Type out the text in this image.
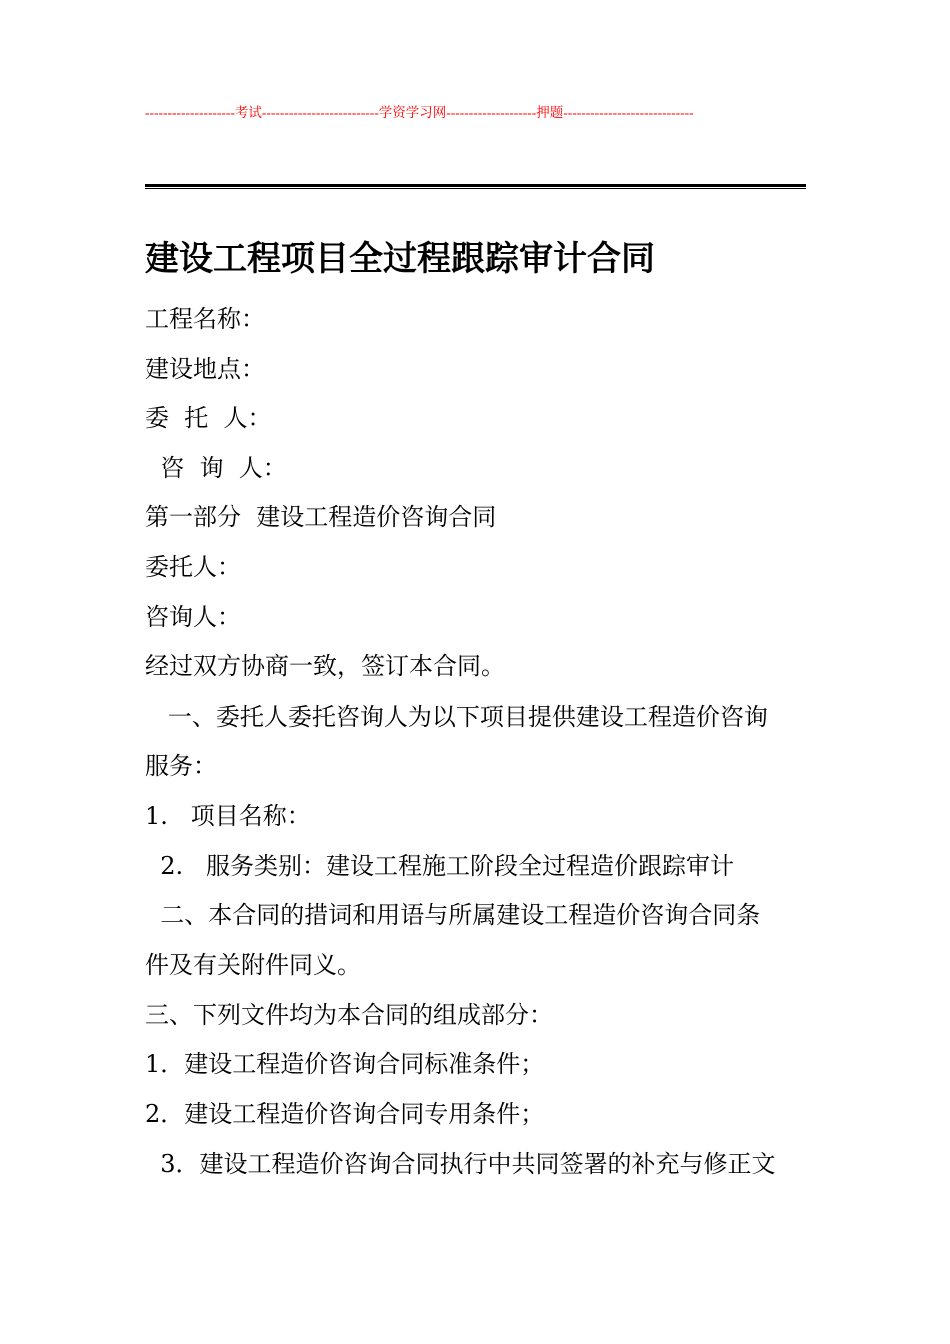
--------------------考试--------------------------学资学习网--------------------押题-----------------------------
建设工程项目全过程跟踪审计合同
工程名称：
建设地点：
委  托  人：
咨  询  人：
第一部分  建设工程造价咨询合同
委托人：
咨询人：
经过双方协商一致，签订本合同。
一、委托人委托咨询人为以下项目提供建设工程造价咨询
服务：
1.   项目名称：
2.   服务类别：建设工程施工阶段全过程造价跟踪审计
二、本合同的措词和用语与所属建设工程造价咨询合同条
件及有关附件同义。
三、下列文件均为本合同的组成部分：
1．建设工程造价咨询合同标准条件；
2．建设工程造价咨询合同专用条件；
3．建设工程造价咨询合同执行中共同签署的补充与修正文
